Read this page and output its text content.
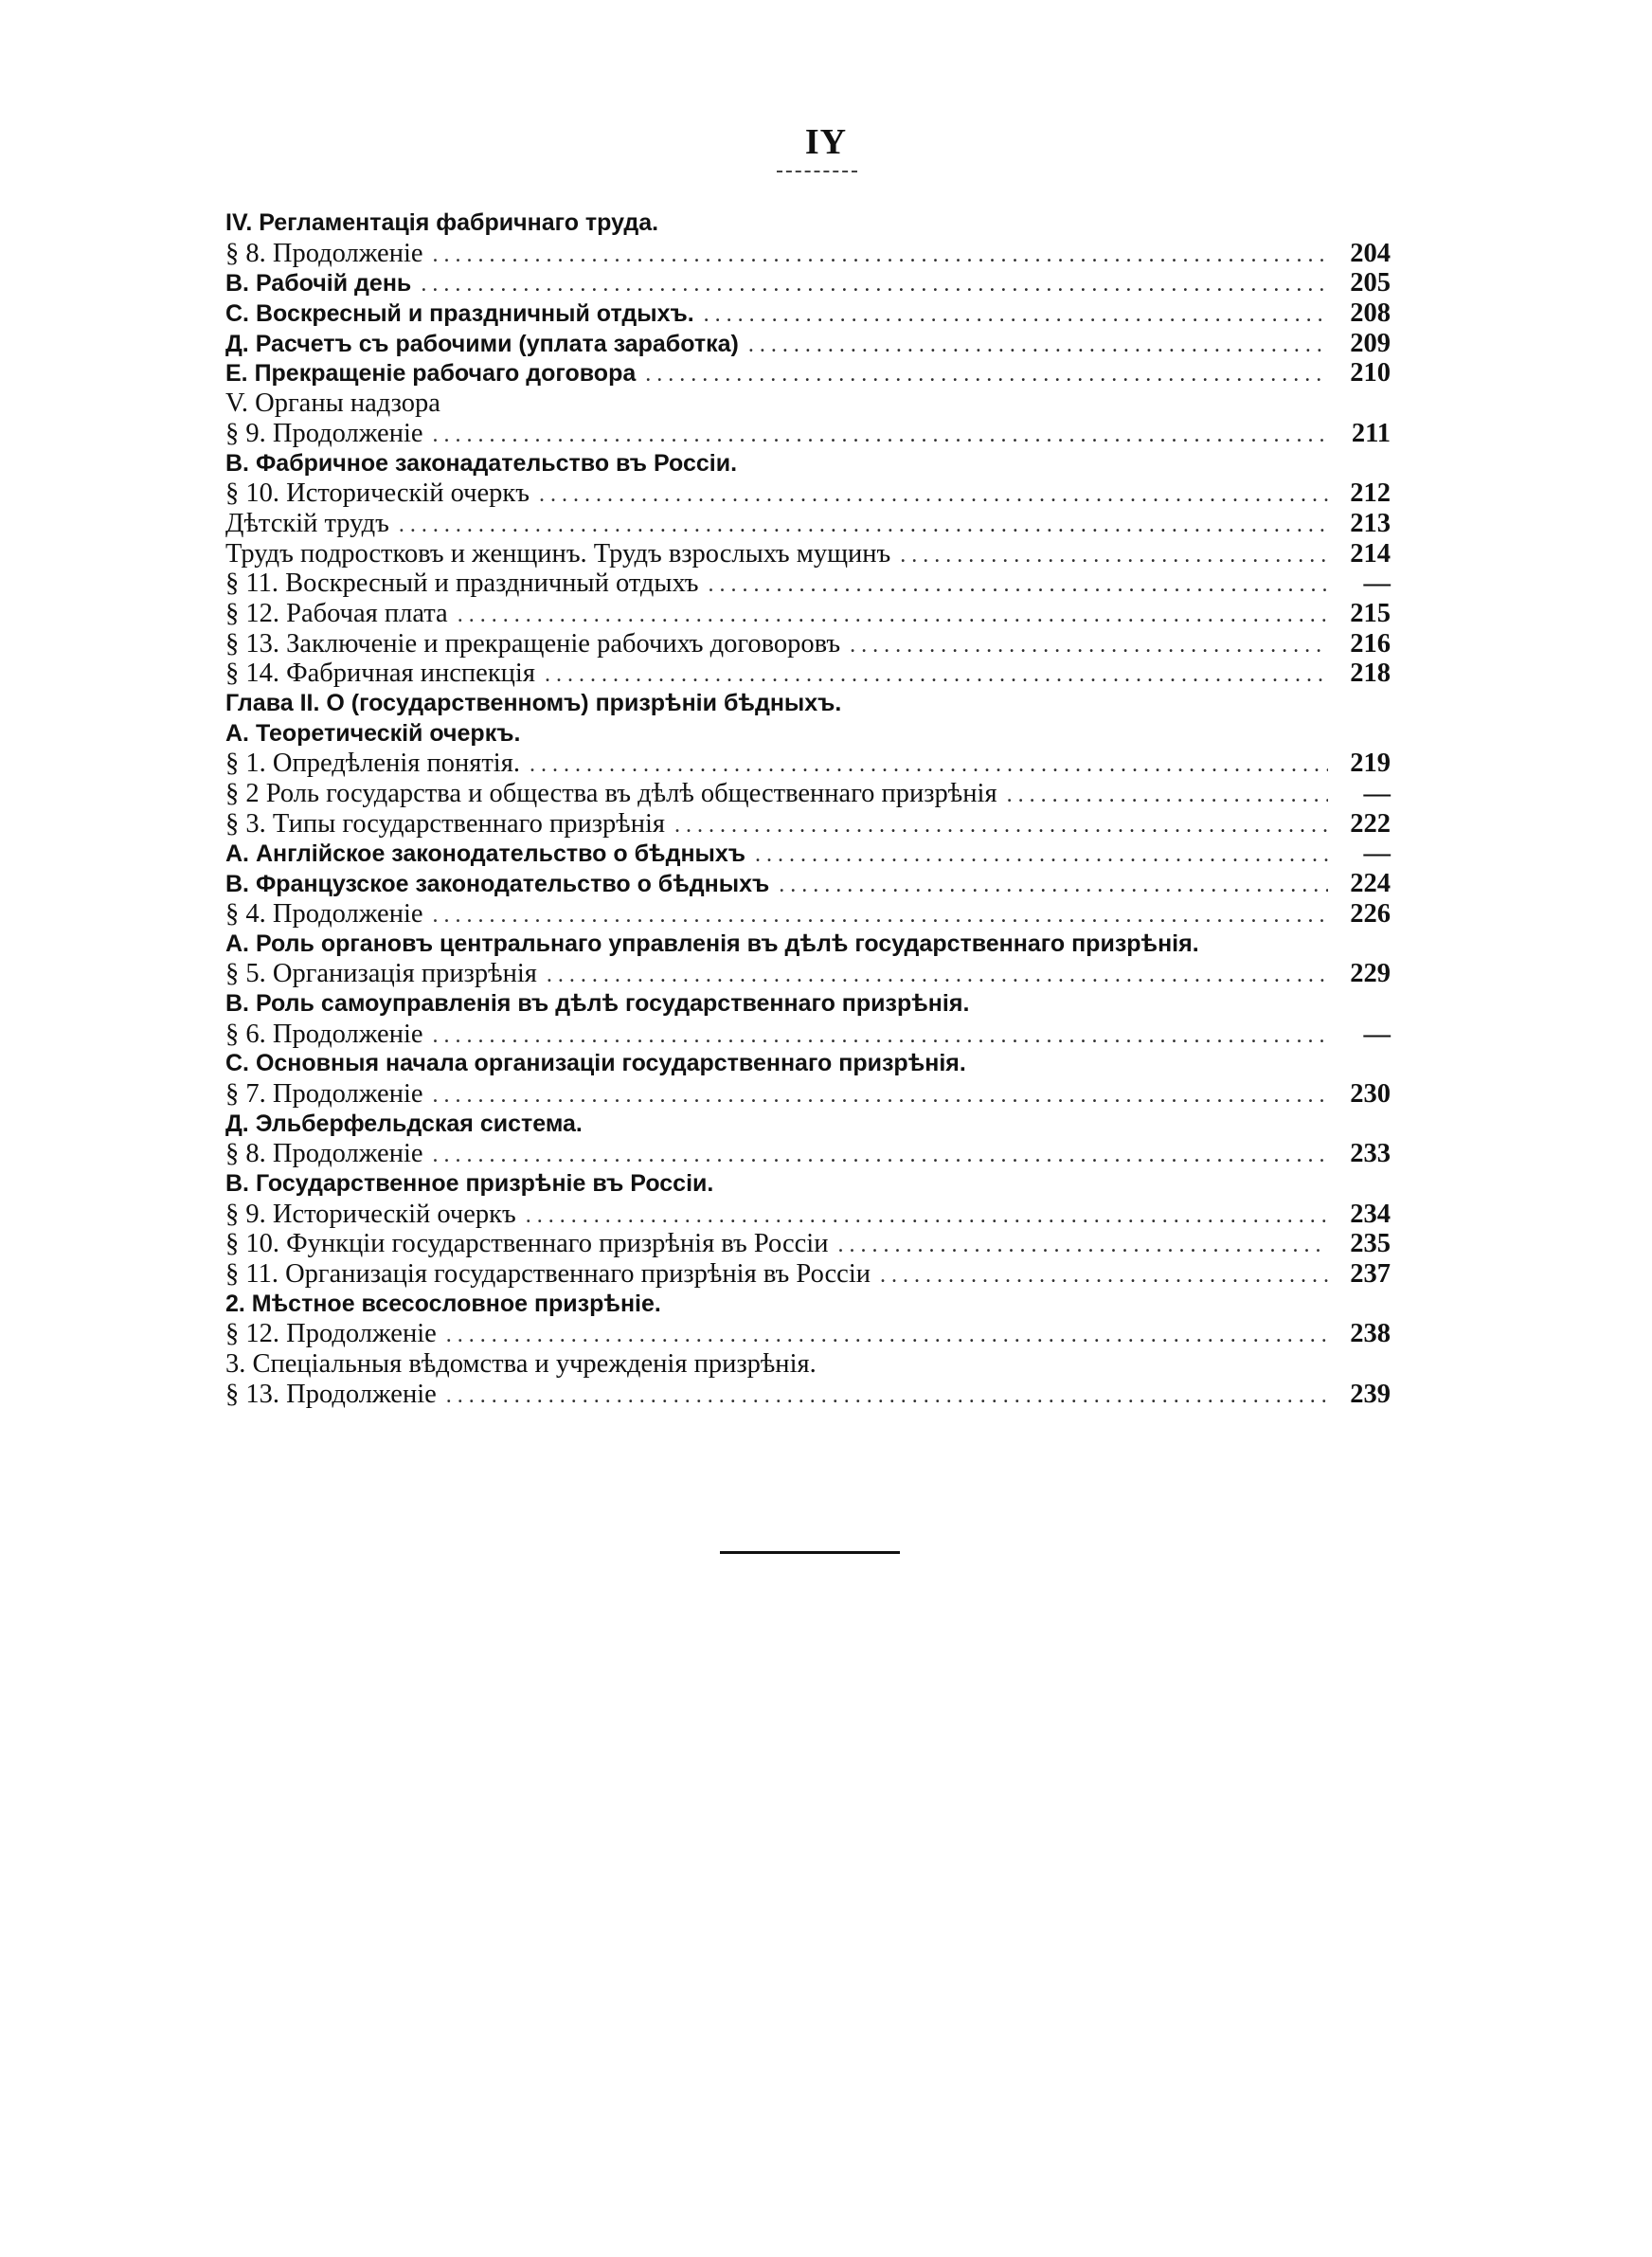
IY
IV. Регламентація фабричнаго труда.
§ 8. Продолженіе . . .	204
В. Рабочій день . . .	205
С. Воскресный и праздничный отдыхъ. . . .	208
Д. Расчетъ съ рабочими (уплата заработка) . . .	209
Е. Прекращеніе рабочаго договора . . .	210
V. Органы надзора
§ 9. Продолженіе . . .	211
В. Фабричное законадательство въ Россіи.
§ 10. Историческій очеркъ . . .	212
Дѣтскій трудъ . . .	213
Трудъ подростковъ и женщинъ. Трудъ взрослыхъ мущинъ . . .	214
§ 11. Воскресный и праздничный отдыхъ . . .	—
§ 12. Рабочая плата . . .	215
§ 13. Заключеніе и прекращеніе рабочихъ договоровъ . . .	216
§ 14. Фабричная инспекція . . .	218
Глава II. О (государственномъ) призрѣніи бѣдныхъ.
А. Теоретическій очеркъ.
§ 1. Опредѣленія понятія. . . .	219
§ 2 Роль государства и общества въ дѣлѣ общественнаго призрѣнія . . .	—
§ 3. Типы государственнаго призрѣнія . . .	222
А. Англійское законодательство о бѣдныхъ . . .	—
В. Французское законодательство о бѣдныхъ . . .	224
§ 4. Продолженіе . . .	226
А. Роль органовъ центральнаго управленія въ дѣлѣ государственнаго призрѣнія.
§ 5. Организація призрѣнія . . .	229
В. Роль самоуправленія въ дѣлѣ государственнаго призрѣнія.
§ 6. Продолженіе . . .	—
С. Основныя начала организаціи государственнаго призрѣнія.
§ 7. Продолженіе . . .	230
Д. Эльберфельдская система.
§ 8. Продолженіе . . .	233
В. Государственное призрѣніе въ Россіи.
§ 9. Историческій очеркъ . . .	234
§ 10. Функціи государственнаго призрѣнія въ Россіи . . .	235
§ 11. Организація государственнаго призрѣнія въ Россіи . . .	237
2. Мѣстное всесословное призрѣніе.
§ 12. Продолженіе . . .	238
3. Спеціальныя вѣдомства и учрежденія призрѣнія.
§ 13. Продолженіе . . .	239
